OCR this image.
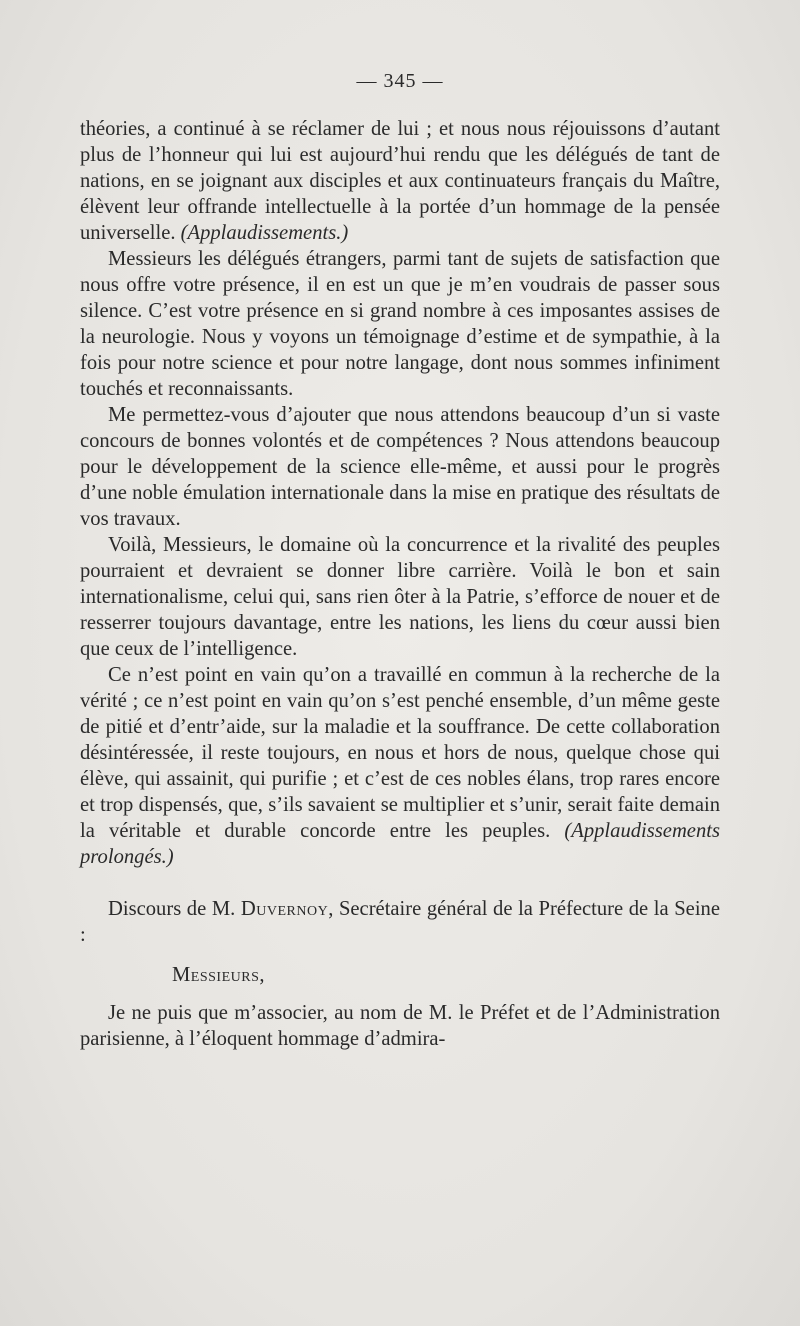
— 345 —

théories, a continué à se réclamer de lui ; et nous nous réjouissons d’autant plus de l’honneur qui lui est aujourd’hui rendu que les délégués de tant de nations, en se joignant aux disciples et aux continuateurs français du Maître, élèvent leur offrande intellectuelle à la portée d’un hommage de la pensée universelle. (Applaudissements.)

Messieurs les délégués étrangers, parmi tant de sujets de satisfaction que nous offre votre présence, il en est un que je m’en voudrais de passer sous silence. C’est votre présence en si grand nombre à ces imposantes assises de la neurologie. Nous y voyons un témoignage d’estime et de sympathie, à la fois pour notre science et pour notre langage, dont nous sommes infiniment touchés et reconnaissants.

Me permettez-vous d’ajouter que nous attendons beaucoup d’un si vaste concours de bonnes volontés et de compétences ? Nous attendons beaucoup pour le développement de la science elle-même, et aussi pour le progrès d’une noble émulation internationale dans la mise en pratique des résultats de vos travaux.

Voilà, Messieurs, le domaine où la concurrence et la rivalité des peuples pourraient et devraient se donner libre carrière. Voilà le bon et sain internationalisme, celui qui, sans rien ôter à la Patrie, s’efforce de nouer et de resserrer toujours davantage, entre les nations, les liens du cœur aussi bien que ceux de l’intelligence.

Ce n’est point en vain qu’on a travaillé en commun à la recherche de la vérité ; ce n’est point en vain qu’on s’est penché ensemble, d’un même geste de pitié et d’entr’aide, sur la maladie et la souffrance. De cette collaboration désintéressée, il reste toujours, en nous et hors de nous, quelque chose qui élève, qui assainit, qui purifie ; et c’est de ces nobles élans, trop rares encore et trop dispensés, que, s’ils savaient se multiplier et s’unir, serait faite demain la véritable et durable concorde entre les peuples. (Applaudissements prolongés.)

Discours de M. Duvernoy, Secrétaire général de la Préfecture de la Seine :

Messieurs,

Je ne puis que m’associer, au nom de M. le Préfet et de l’Administration parisienne, à l’éloquent hommage d’admira-
